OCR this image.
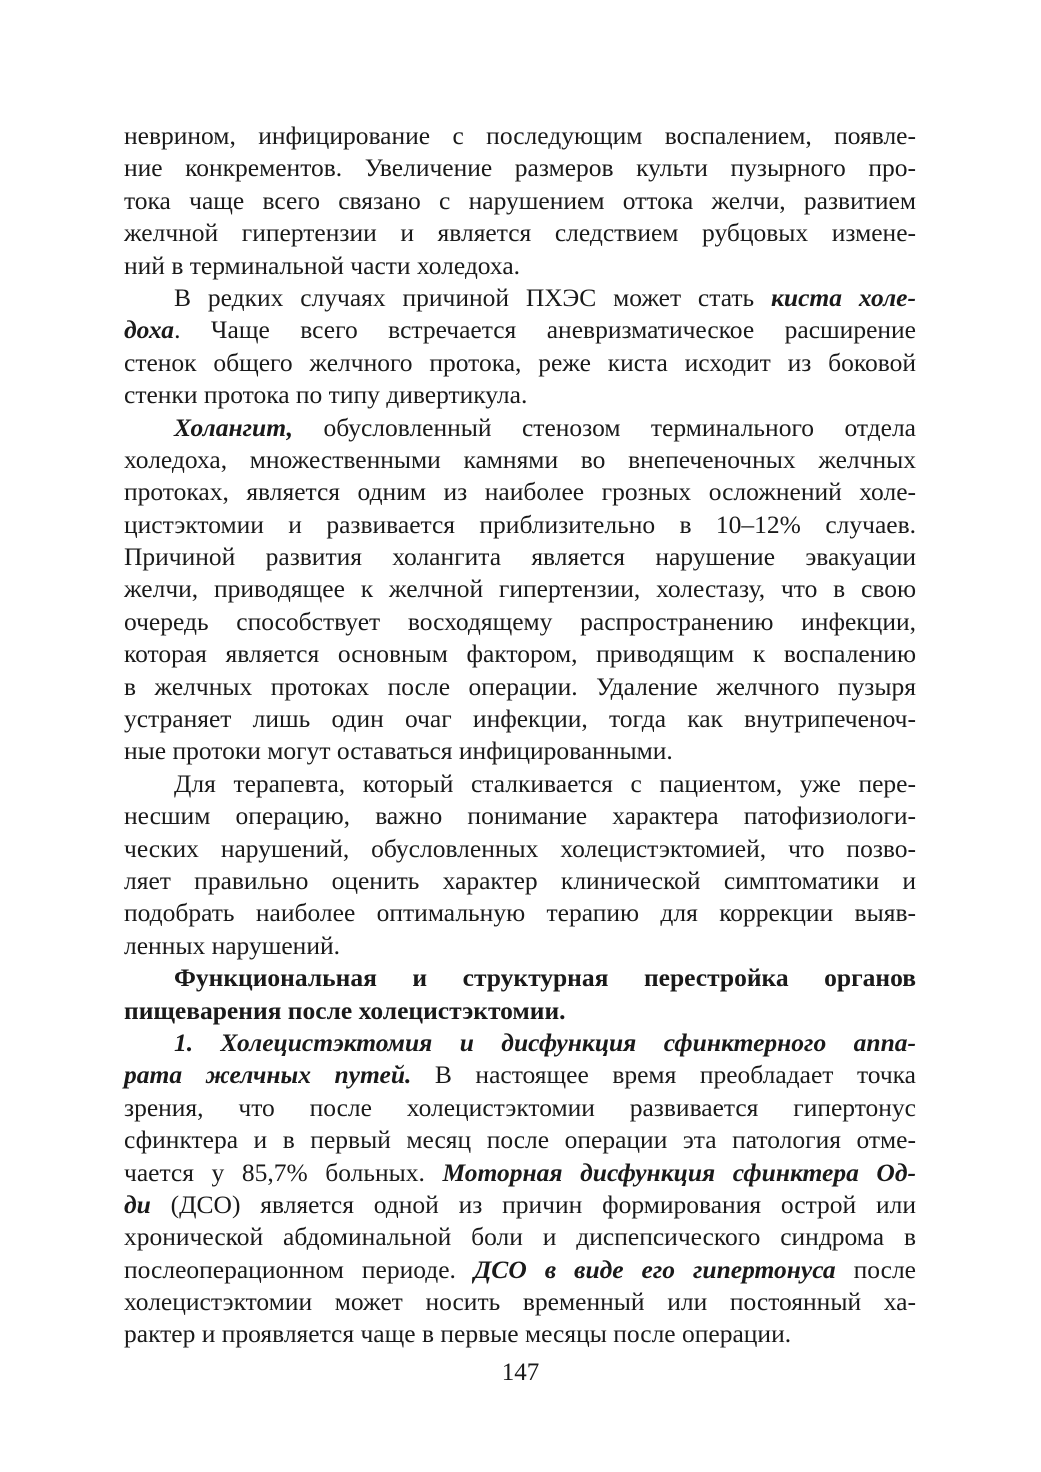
неврином, инфицирование с последующим воспалением, появле-
ние конкрементов. Увеличение размеров культи пузырного про-
тока чаще всего связано с нарушением оттока желчи, развитием
желчной гипертензии и является следствием рубцовых измене-
ний в терминальной части холедоха.
В редких случаях причиной ПХЭС может стать киста холе-
доха. Чаще всего встречается аневризматическое расширение
стенок общего желчного протока, реже киста исходит из боковой
стенки протока по типу дивертикула.
Холангит, обусловленный стенозом терминального отдела
холедоха, множественными камнями во внепеченочных желчных
протоках, является одним из наиболее грозных осложнений холе-
цистэктомии и развивается приблизительно в 10–12% случаев.
Причиной развития холангита является нарушение эвакуации
желчи, приводящее к желчной гипертензии, холестазу, что в свою
очередь способствует восходящему распространению инфекции,
которая является основным фактором, приводящим к воспалению
в желчных протоках после операции. Удаление желчного пузыря
устраняет лишь один очаг инфекции, тогда как внутрипеченоч-
ные протоки могут оставаться инфицированными.
Для терапевта, который сталкивается с пациентом, уже пере-
несшим операцию, важно понимание характера патофизиологи-
ческих нарушений, обусловленных холецистэктомией, что позво-
ляет правильно оценить характер клинической симптоматики и
подобрать наиболее оптимальную терапию для коррекции выяв-
ленных нарушений.
Функциональная и структурная перестройка органов
пищеварения после холецистэктомии.
1. Холецистэктомия и дисфункция сфинктерного аппа-
рата желчных путей. В настоящее время преобладает точка
зрения, что после холецистэктомии развивается гипертонус
сфинктера и в первый месяц после операции эта патология отме-
чается у 85,7% больных. Моторная дисфункция сфинктера Од-
ди (ДСО) является одной из причин формирования острой или
хронической абдоминальной боли и диспепсического синдрома в
послеоперационном периоде. ДСО в виде его гипертонуса после
холецистэктомии может носить временный или постоянный ха-
рактер и проявляется чаще в первые месяцы после операции.
147
